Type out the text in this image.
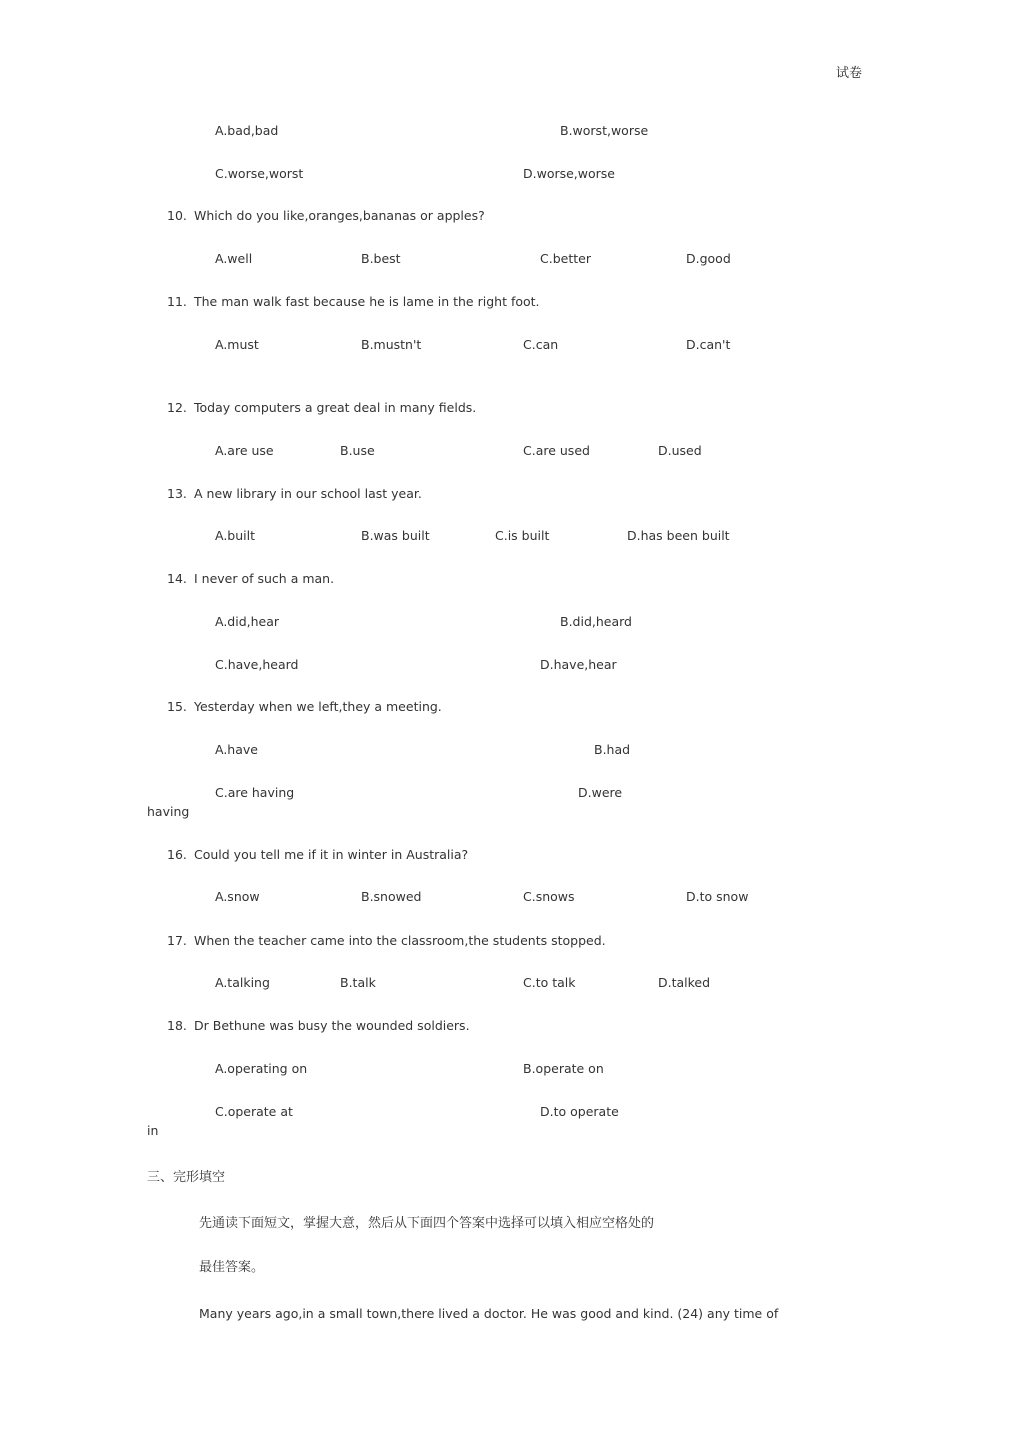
试卷
A.bad,bad	B.worst,worse
C.worse,worst	D.worse,worse
10. Which do you like,oranges,bananas or apples?
A.well	B.best	C.better	D.good
11. The man walk fast because he is lame in the right foot.
A.must	B.mustn't	C.can	D.can't
12. Today computers a great deal in many fields.
A.are use	B.use	C.are used	D.used
13. A new library in our school last year.
A.built	B.was built	C.is built	D.has been built
14. I never of such a man.
A.did,hear	B.did,heard
C.have,heard	D.have,hear
15. Yesterday when we left,they a meeting.
A.have	B.had
C.are having	D.were
having
16. Could you tell me if it in winter in Australia?
A.snow	B.snowed	C.snows	D.to snow
17. When the teacher came into the classroom,the students stopped.
A.talking	B.talk	C.to talk	D.talked
18. Dr Bethune was busy the wounded soldiers.
A.operating on	B.operate on
C.operate at	D.to operate
in
三、完形填空
先通读下面短文，掌握大意，然后从下面四个答案中选择可以填入相应空格处的
最佳答案。
Many years ago,in a small town,there lived a doctor. He was good and kind. (24) any time of
